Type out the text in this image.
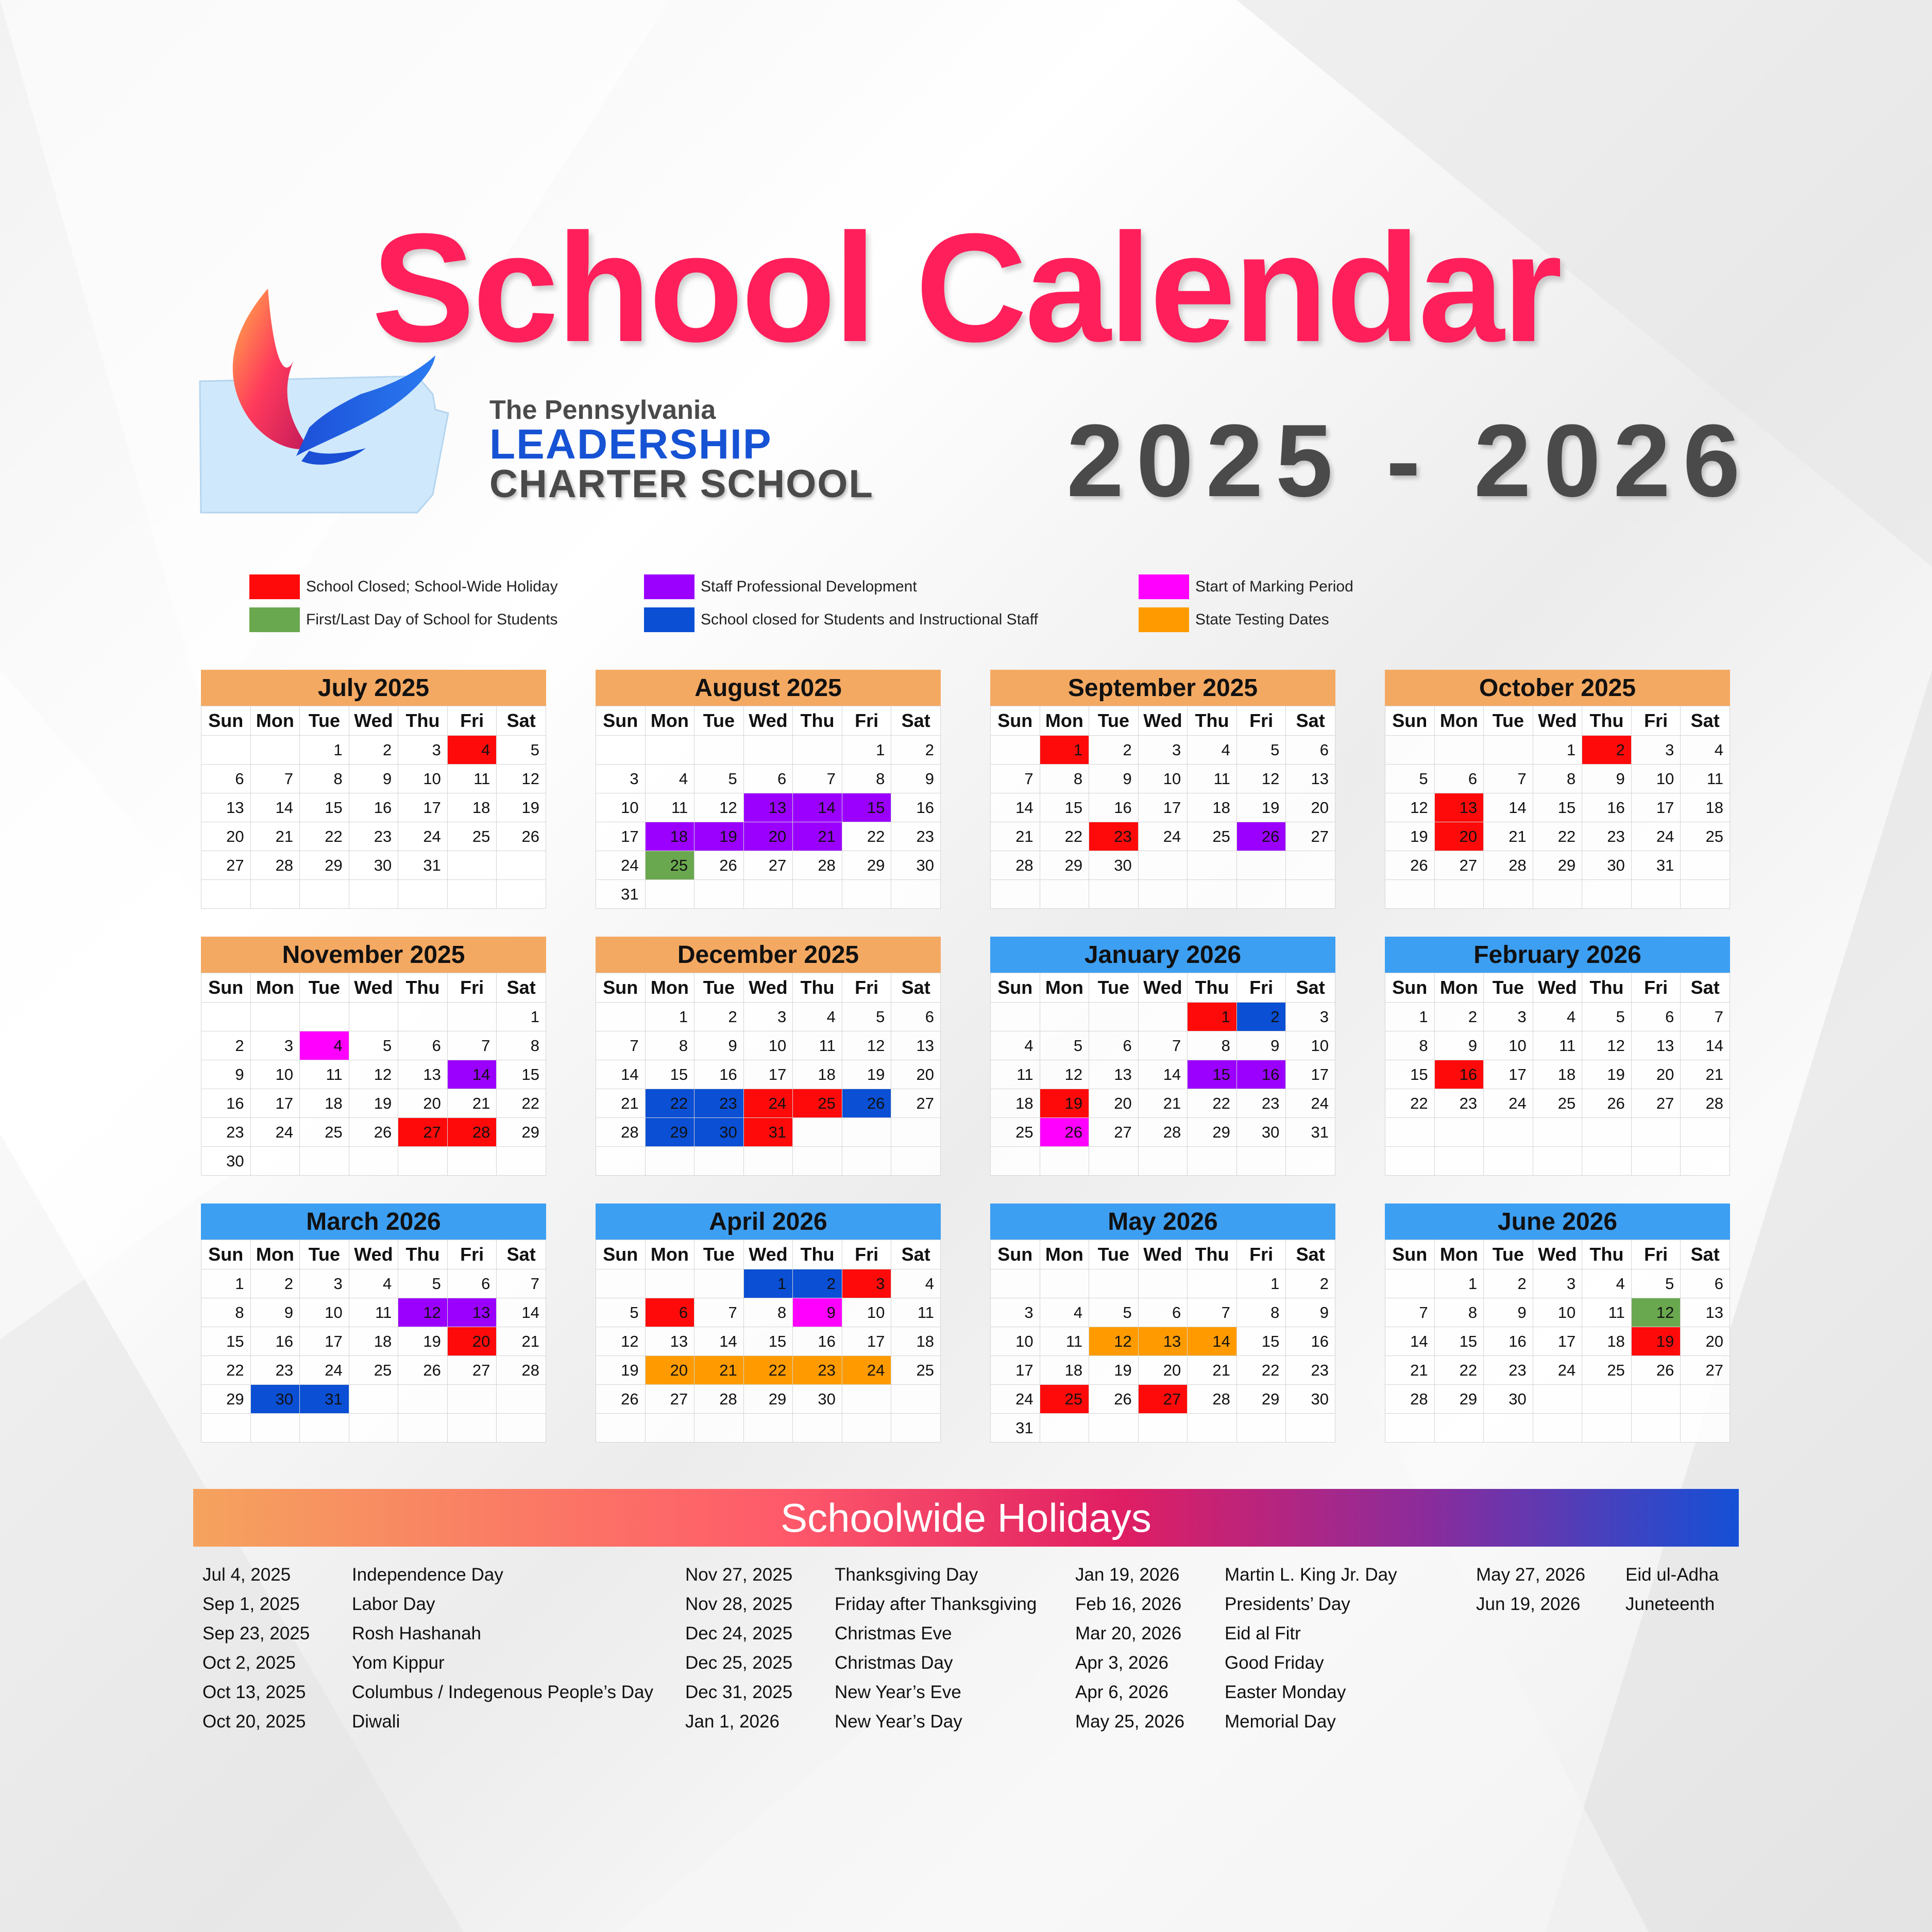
School Calendar
The Pennsylvania
LEADERSHIP
CHARTER SCHOOL 2025 - 2026
School Closed; School-Wide Holiday
First/Last Day of School for Students
Staff Professional Development
School closed for Students and Instructional Staff
Start of Marking Period
State Testing Dates
July 2025
Sun	Mon	Tue	Wed	Thu	Fri	Sat
		1	2	3	4	5
6	7	8	9	10	11	12
13	14	15	16	17	18	19
20	21	22	23	24	25	26
27	28	29	30	31		

August 2025
Sun	Mon	Tue	Wed	Thu	Fri	Sat
					1	2
3	4	5	6	7	8	9
10	11	12	13	14	15	16
17	18	19	20	21	22	23
24	25	26	27	28	29	30
31						
September 2025
Sun	Mon	Tue	Wed	Thu	Fri	Sat
	1	2	3	4	5	6
7	8	9	10	11	12	13
14	15	16	17	18	19	20
21	22	23	24	25	26	27
28	29	30				

October 2025
Sun	Mon	Tue	Wed	Thu	Fri	Sat
			1	2	3	4
5	6	7	8	9	10	11
12	13	14	15	16	17	18
19	20	21	22	23	24	25
26	27	28	29	30	31	

November 2025
Sun	Mon	Tue	Wed	Thu	Fri	Sat
						1
2	3	4	5	6	7	8
9	10	11	12	13	14	15
16	17	18	19	20	21	22
23	24	25	26	27	28	29
30						
December 2025
Sun	Mon	Tue	Wed	Thu	Fri	Sat
	1	2	3	4	5	6
7	8	9	10	11	12	13
14	15	16	17	18	19	20
21	22	23	24	25	26	27
28	29	30	31			

January 2026
Sun	Mon	Tue	Wed	Thu	Fri	Sat
				1	2	3
4	5	6	7	8	9	10
11	12	13	14	15	16	17
18	19	20	21	22	23	24
25	26	27	28	29	30	31

February 2026
Sun	Mon	Tue	Wed	Thu	Fri	Sat
1	2	3	4	5	6	7
8	9	10	11	12	13	14
15	16	17	18	19	20	21
22	23	24	25	26	27	28

March 2026
Sun	Mon	Tue	Wed	Thu	Fri	Sat
1	2	3	4	5	6	7
8	9	10	11	12	13	14
15	16	17	18	19	20	21
22	23	24	25	26	27	28
29	30	31				

April 2026
Sun	Mon	Tue	Wed	Thu	Fri	Sat
			1	2	3	4
5	6	7	8	9	10	11
12	13	14	15	16	17	18
19	20	21	22	23	24	25
26	27	28	29	30		

May 2026
Sun	Mon	Tue	Wed	Thu	Fri	Sat
					1	2
3	4	5	6	7	8	9
10	11	12	13	14	15	16
17	18	19	20	21	22	23
24	25	26	27	28	29	30
31						
June 2026
Sun	Mon	Tue	Wed	Thu	Fri	Sat
	1	2	3	4	5	6
7	8	9	10	11	12	13
14	15	16	17	18	19	20
21	22	23	24	25	26	27
28	29	30				

Schoolwide Holidays
Jul 4, 2025	Independence Day
Sep 1, 2025	Labor Day
Sep 23, 2025	Rosh Hashanah
Oct 2, 2025	Yom Kippur
Oct 13, 2025	Columbus / Indegenous People’s Day
Oct 20, 2025	Diwali
Nov 27, 2025	Thanksgiving Day
Nov 28, 2025	Friday after Thanksgiving
Dec 24, 2025	Christmas Eve
Dec 25, 2025	Christmas Day
Dec 31, 2025	New Year’s Eve
Jan 1, 2026	New Year’s Day
Jan 19, 2026	Martin L. King Jr. Day
Feb 16, 2026	Presidents’ Day
Mar 20, 2026	Eid al Fitr
Apr 3, 2026	Good Friday
Apr 6, 2026	Easter Monday
May 25, 2026	Memorial Day
May 27, 2026	Eid ul-Adha
Jun 19, 2026	Juneteenth
